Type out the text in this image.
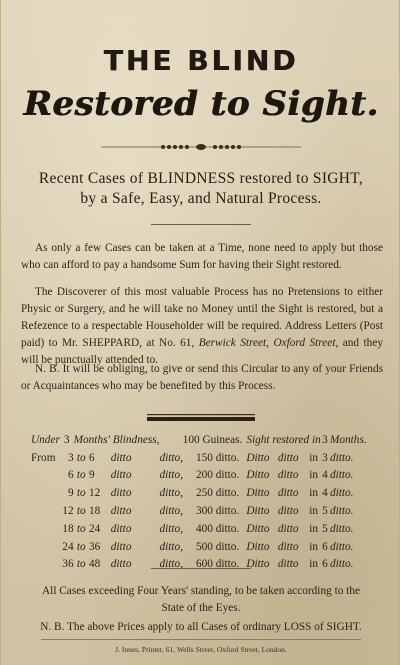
THE BLIND
Restored to Sight.
Recent Cases of BLINDNESS restored to SIGHT,
by a Safe, Easy, and Natural Process.
As only a few Cases can be taken at a Time, none need to apply but those who can afford to pay a handsome Sum for having their Sight restored.
The Discoverer of this most valuable Process has no Pretensions to either Physic or Surgery, and he will take no Money until the Sight is restored, but a Refezence to a respectable Householder will be required. Address Letters (Post paid) to Mr. SHEPPARD, at No. 61, Berwick Street, Oxford Street, and they will be punctually attended to.
N. B. It will be obliging, to give or send this Circular to any of your Friends or Acquaintances who may be benefited by this Process.
Under	3	Months' Blindness,			100 Guineas.		Sight restored in			3	Months.
From	3	to	6	ditto	ditto,	150 ditto.	Ditto	ditto	in	3	ditto.
	6	to	9	ditto	ditto,	200 ditto.	Ditto	ditto	in	4	ditto.
	9	to	12	ditto	ditto,	250 ditto.	Ditto	ditto	in	4	ditto.
	12	to	18	ditto	ditto,	300 ditto.	Ditto	ditto	in	5	ditto.
	18	to	24	ditto	ditto,	400 ditto.	Ditto	ditto	in	5	ditto.
	24	to	36	ditto	ditto,	500 ditto.	Ditto	ditto	in	6	ditto.
	36	to	48	ditto	ditto,	600 ditto.	Ditto	ditto	in	6	ditto.
All Cases exceeding Four Years' standing, to be taken according to the State of the Eyes.
N. B. The above Prices apply to all Cases of ordinary LOSS of SIGHT.
J. Innes, Printer, 61, Wells Street, Oxford Street, London.
